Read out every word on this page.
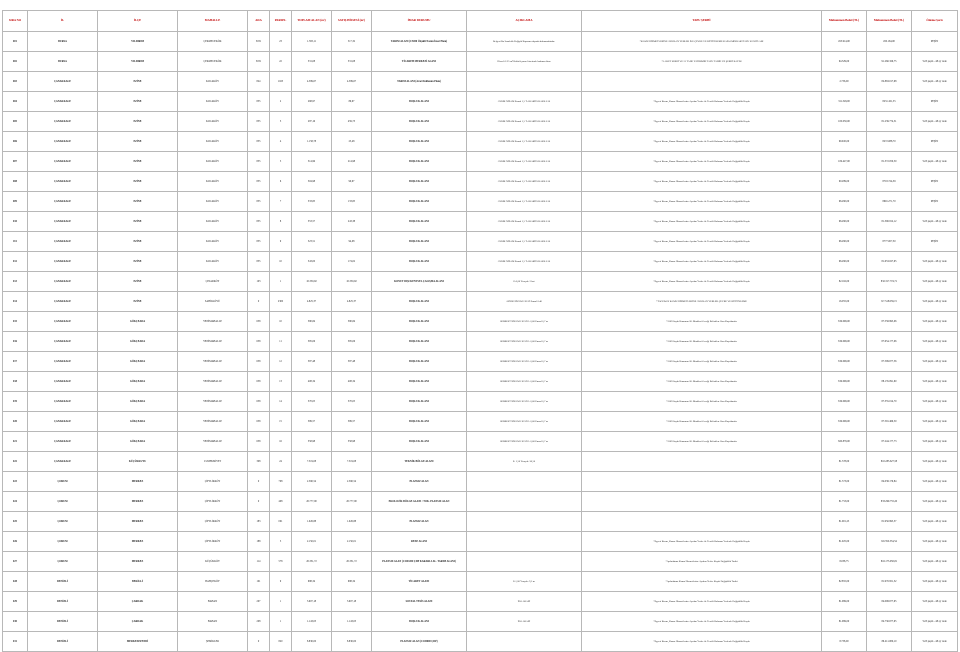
SIRA NO	İL	İLÇE	MAHALLE	ADA	PARSEL	TOPLAM ALAN (m²)	SATIŞ HİSSESİ (m²)	İMAR DURUMU	AÇIKLAMA	TAPU ŞERHİ	Muhammen Bedel (TL)	Muhammen Bedel (TL)	Ödeme Şartı
001	BURSA	YILDIRIM	ÇEKMECEKÖK	3031	23	1.583,11	517,32	TARIM ALANI (1/5000 Ölçekli Nazım İmar Planı)	Belgesi Bu Sınırlılık Değişik Kapsamı dışında bulunmaktadır.	*KAMU HİZMETLERİNE AYRILAN YERLER İLE ÇEVRE VE BÜTÜNLEME KAPSAMINDAKİ TAPU KAYITLARI	453.914,00	450.164,00	PEŞİN
002	BURSA	YILDIRIM	ÇEKMECEKÖK	3031	22	331,08	331,08	TİCAREH MERKEZİ ALANI	Hisseli 1/25 m² Kaliteli parsel üzerinde bulunan bina	*5 ADET SERHİ VE 21 TANE YATIRIMIN TAPU TARİH VE ŞERHİ KAYDI	94.329,00	91.260.329,75	%25 peşin - 48 ay vade
003	ÇANAKKALE	EZİNE	KOCAKÖY	824	1023	4.589,67	4.589,67	TARIM ALANI (Arazi Kullanım Planı)			2.756,00	82.863.017,98	%25 peşin - 48 ay vade
004	ÇANAKKALE	EZİNE	KOCAKÖY	835	2	268,97	89,97	BOŞLUK ALANI	AYRIK NİZAM Emsal 1,5 T.ABAKÜS KAKS 0.30	*Eşyesi Kısım, Kamu Hizmetlerine Ayrılan Yerler ile Tescili Bulunan Yerlerde Değişiklik Kaydı	311.329,00	8231.161,55	PEŞİN
005	ÇANAKKALE	EZİNE	KOCAKÖY	835	3	287,16	459,73	BOŞLUK ALANI	AYRIK NİZAM Emsal 1,5 T.ABAKÜS KAKS 0.30	*Eşyesi Kısım, Kamu Hizmetlerine Ayrılan Yerler ile Tescili Bulunan Yerlerde Değişiklik Kaydı	100.050,00	81.239.774,51	%25 peşin - 48 ay vade
006	ÇANAKKALE	EZİNE	KOCAKÖY	835	4	1.158,78	25,48	BOŞLUK ALANI	AYRIK NİZAM Emsal 1,5 T.ABAKÜS KAKS 0.30	*Eşyesi Kısım, Kamu Hizmetlerine Ayrılan Yerler ile Tescili Bulunan Yerlerde Değişiklik Kaydı	99.945,00	8272.088,70	PEŞİN
007	ÇANAKKALE	EZİNE	KOCAKÖY	835	5	314,99	214,98	BOŞLUK ALANI	AYRIK NİZAM Emsal 1,5 T.ABAKÜS KAKS 0.30	*Eşyesi Kısım, Kamu Hizmetlerine Ayrılan Yerler ile Tescili Bulunan Yerlerde Değişiklik Kaydı	109.427,00	81.372.050,50	%25 peşin - 48 ay vade
008	ÇANAKKALE	EZİNE	KOCAKÖY	835	6	304,98	90,97	BOŞLUK ALANI	AYRIK NİZAM Emsal 1,5 T.ABAKÜS KAKS 0.30	*Eşyesi Kısım, Kamu Hizmetlerine Ayrılan Yerler ile Tescili Bulunan Yerlerde Değişiklik Kaydı	90.289,00	8718.724,39	PEŞİN
009	ÇANAKKALE	EZİNE	KOCAKÖY	835	7	333,85	133,85	BOŞLUK ALANI	AYRIK NİZAM Emsal 1,5 T.ABAKÜS KAKS 0.30	*Eşyesi Kısım, Kamu Hizmetlerine Ayrılan Yerler ile Tescili Bulunan Yerlerde Değişiklik Kaydı	96.290,00	8691.271,70	PEŞİN
010	ÇANAKKALE	EZİNE	KOCAKÖY	835	8	353,57	243,38	BOŞLUK ALANI	AYRIK NİZAM Emsal 1,5 T.ABAKÜS KAKS 0.30	*Eşyesi Kısım, Kamu Hizmetlerine Ayrılan Yerler ile Tescili Bulunan Yerlerde Değişiklik Kaydı	96.290,00	81.390.812,12	%25 peşin - 48 ay vade
011	ÇANAKKALE	EZİNE	KOCAKÖY	835	9	323,51	94,08	BOŞLUK ALANI	AYRIK NİZAM Emsal 1,5 T.ABAKÜS KAKS 0.30	*Eşyesi Kısım, Kamu Hizmetlerine Ayrılan Yerler ile Tescili Bulunan Yerlerde Değişiklik Kaydı	96.290,00	8777.007,30	PEŞİN
012	ÇANAKKALE	EZİNE	KOCAKÖY	835	10	343,00	174,02	BOŞLUK ALANI	AYRIK NİZAM Emsal 1,5 T.ABAKÜS KAKS 0.30	*Eşyesi Kısım, Kamu Hizmetlerine Ayrılan Yerler ile Tescili Bulunan Yerlerde Değişiklik Kaydı	96.290,00	81.653.027,95	%25 peşin - 48 ay vade
013	ÇANAKKALE	EZİNE	ÇINARKÖY	103	1	10.350,92	10.350,92	KONUT DIŞI KENTSEL ÇALIŞMA ALANI	E:0,60 Yençok: 2 kat	*Eşyesi Kısım, Kamu Hizmetlerine Ayrılan Yerler ile Tescili Bulunan Yerlerde Değişiklik Kaydı	82.162,00	832.317.719,71	%25 peşin - 48 ay vade
014	ÇANAKKALE	EZİNE	SAHİLKÖYÜ	0	2300	4.825,37	4.825,37	BOŞLUK ALANI	AYRIK NİZAM 2 KAT Emsal 0.40	*TAPUDAN KAMU HİZMETLERİNE AYRILAN YERLER ÇEVRE VE BÜTÜNLEME	16.055,00	8.7.518.659,15	%25 peşin - 48 ay vade
015	ÇANAKKALE	GÖKÇEADA	YENİMAHALLE	638	10	380,84	380,84	BOŞLUK ALANI	SERBEST NİZAM 2 KAT E: 0,60 Emsal 0,7 m	*2589 Sayılı Kanunun 26. Maddesi Gereği Belirtilen Alan Kayıtlarıdır	819.099,00	87.558.995,06	%25 peşin - 48 ay vade
016	ÇANAKKALE	GÖKÇEADA	YENİMAHALLE	638	11	385,06	385,06	BOŞLUK ALANI	SERBEST NİZAM 2 KAT E: 0,60 Emsal 0,7 m	*2589 Sayılı Kanunun 26. Maddesi Gereği Belirtilen Alan Kayıtlarıdır	819.099,00	87.654.177,06	%25 peşin - 48 ay vade
017	ÇANAKKALE	GÖKÇEADA	YENİMAHALLE	638	12	387,48	387,48	BOŞLUK ALANI	SERBEST NİZAM 2 KAT E: 0,60 Emsal 0,7 m	*2589 Sayılı Kanunun 26. Maddesi Gereği Belirtilen Alan Kayıtlarıdır	819.099,00	87.599.677,56	%25 peşin - 48 ay vade
018	ÇANAKKALE	GÖKÇEADA	YENİMAHALLE	638	13	408,34	408,34	BOŞLUK ALANI	SERBEST NİZAM 2 KAT E: 0,60 Emsal 0,7 m	*2589 Sayılı Kanunun 26. Maddesi Gereği Belirtilen Alan Kayıtlarıdır	819.099,00	88.135.091,60	%25 peşin - 48 ay vade
019	ÇANAKKALE	GÖKÇEADA	YENİMAHALLE	638	14	370,05	370,05	BOŞLUK ALANI	SERBEST NİZAM 2 KAT E: 0,60 Emsal 0,7 m	*2589 Sayılı Kanunun 26. Maddesi Gereği Belirtilen Alan Kayıtlarıdır	819.099,00	87.355.014,70	%25 peşin - 48 ay vade
020	ÇANAKKALE	GÖKÇEADA	YENİMAHALLE	638	15	389,57	389,57	BOŞLUK ALANI	SERBEST NİZAM 2 KAT E: 0,60 Emsal 0,7 m	*2589 Sayılı Kanunun 26. Maddesi Gereği Belirtilen Alan Kayıtlarıdır	819.099,00	87.591.469,50	%25 peşin - 48 ay vade
021	ÇANAKKALE	GÖKÇEADA	YENİMAHALLE	638	16	358,98	358,98	BOŞLUK ALANI	SERBEST NİZAM 2 KAT E: 0,60 Emsal 0,7 m	*2589 Sayılı Kanunun 26. Maddesi Gereği Belirtilen Alan Kayıtlarıdır	820.879,00	87.244.177,73	%25 peşin - 48 ay vade
022	ÇANAKKALE	KÜÇÜKKUYU	CUMHURİYET	308	24	7.519,08	7.519,08	TEKNİK BÖLGE ALANI	E: 1,50 Yençok: 36,50		81.578,00	810.283.627,58	%25 peşin - 48 ay vade
023	ÇORUM	MERKEZ	ÇİFTLİKKÖY	0	708	2.590,54	2.590,54	PLANSIZ ALAN			81.573,00	84.038.179,84	%25 peşin - 48 ay vade
024	ÇORUM	MERKEZ	ÇİFTLİKKÖY	0	408	20.777,00	20.777,00	EKOLOJİK BÖLGE ALANI / TOK. PLANSIZ ALAN			81.753,00	833.299.755,20	%25 peşin - 48 ay vade
025	ÇORUM	MERKEZ	ÇİFTLİKKÖY	183	001	1.026,88	1.026,88	PLANSIZ ALAN			81.901,25	81.950.995,37	%25 peşin - 48 ay vade
026	ÇORUM	MERKEZ	ÇİFTLİKKÖY	188	5	2.150,01	2.150,01	REZE ALANI		*Eşyesi Kısım, Kamu Hizmetlerine Ayrılan Yerler ile Tescili Bulunan Yerlerde Değişiklik Kaydı	81.925,00	8.9.350.334,54	%25 peşin - 48 ay vade
027	ÇORUM	MERKEZ	KÜÇÜKKÖY	114	578	20.331,72	20.331,72	PLANSIZ ALAN (1/100.000 ÇDP KARARLI AL. TARIM ALANI)		*Aydınlatma Kamu Hizmetlerine Ayrılan Yerler Kaydı Değişiklik Tarihi	8.038,75	816.173.950,81	%25 peşin - 48 ay vade
028	DENİZLİ	BEKİLLİ	BAHÇEKÖY	101	9	688,34	688,34	TİCARET ALANI	E:1,00 Yençok: 9,5 m	*Aydınlatma Kamu Hizmetlerine Ayrılan Yerler Kaydı Değişiklik Tarihi	82.855,00	81.970.951,32	%25 peşin - 48 ay vade
029	DENİZLİ	ÇARDAK	BAHAN	207	1	3.907,18	3.907,18	SOSYAL TESİS ALANI	İNA ARAZİ	*Eşyesi Kısım, Kamu Hizmetlerine Ayrılan Yerler ile Tescili Bulunan Yerlerde Değişiklik Kaydı	81.999,00	84.098.677,95	%25 peşin - 48 ay vade
030	DENİZLİ	ÇARDAK	BAHAN	208	1	1.143,03	1.143,03	BOŞLUK ALANI	İNA ARAZİ	*Eşyesi Kısım, Kamu Hizmetlerine Ayrılan Yerler ile Tescili Bulunan Yerlerde Değişiklik Kaydı	81.999,00	84.730.677,95	%25 peşin - 48 ay vade
031	DENİZLİ	MERKEZEFENDİ	ŞEMİKLER	0	820	8.830,00	8.830,00	PLANSIZ ALAN (1/100000 ÇDP)		*Eşyesi Kısım, Kamu Hizmetlerine Ayrılan Yerler ile Tescili Bulunan Yerlerde Değişiklik Kaydı	8.758,00	86.211.080,10	%25 peşin - 48 ay vade
